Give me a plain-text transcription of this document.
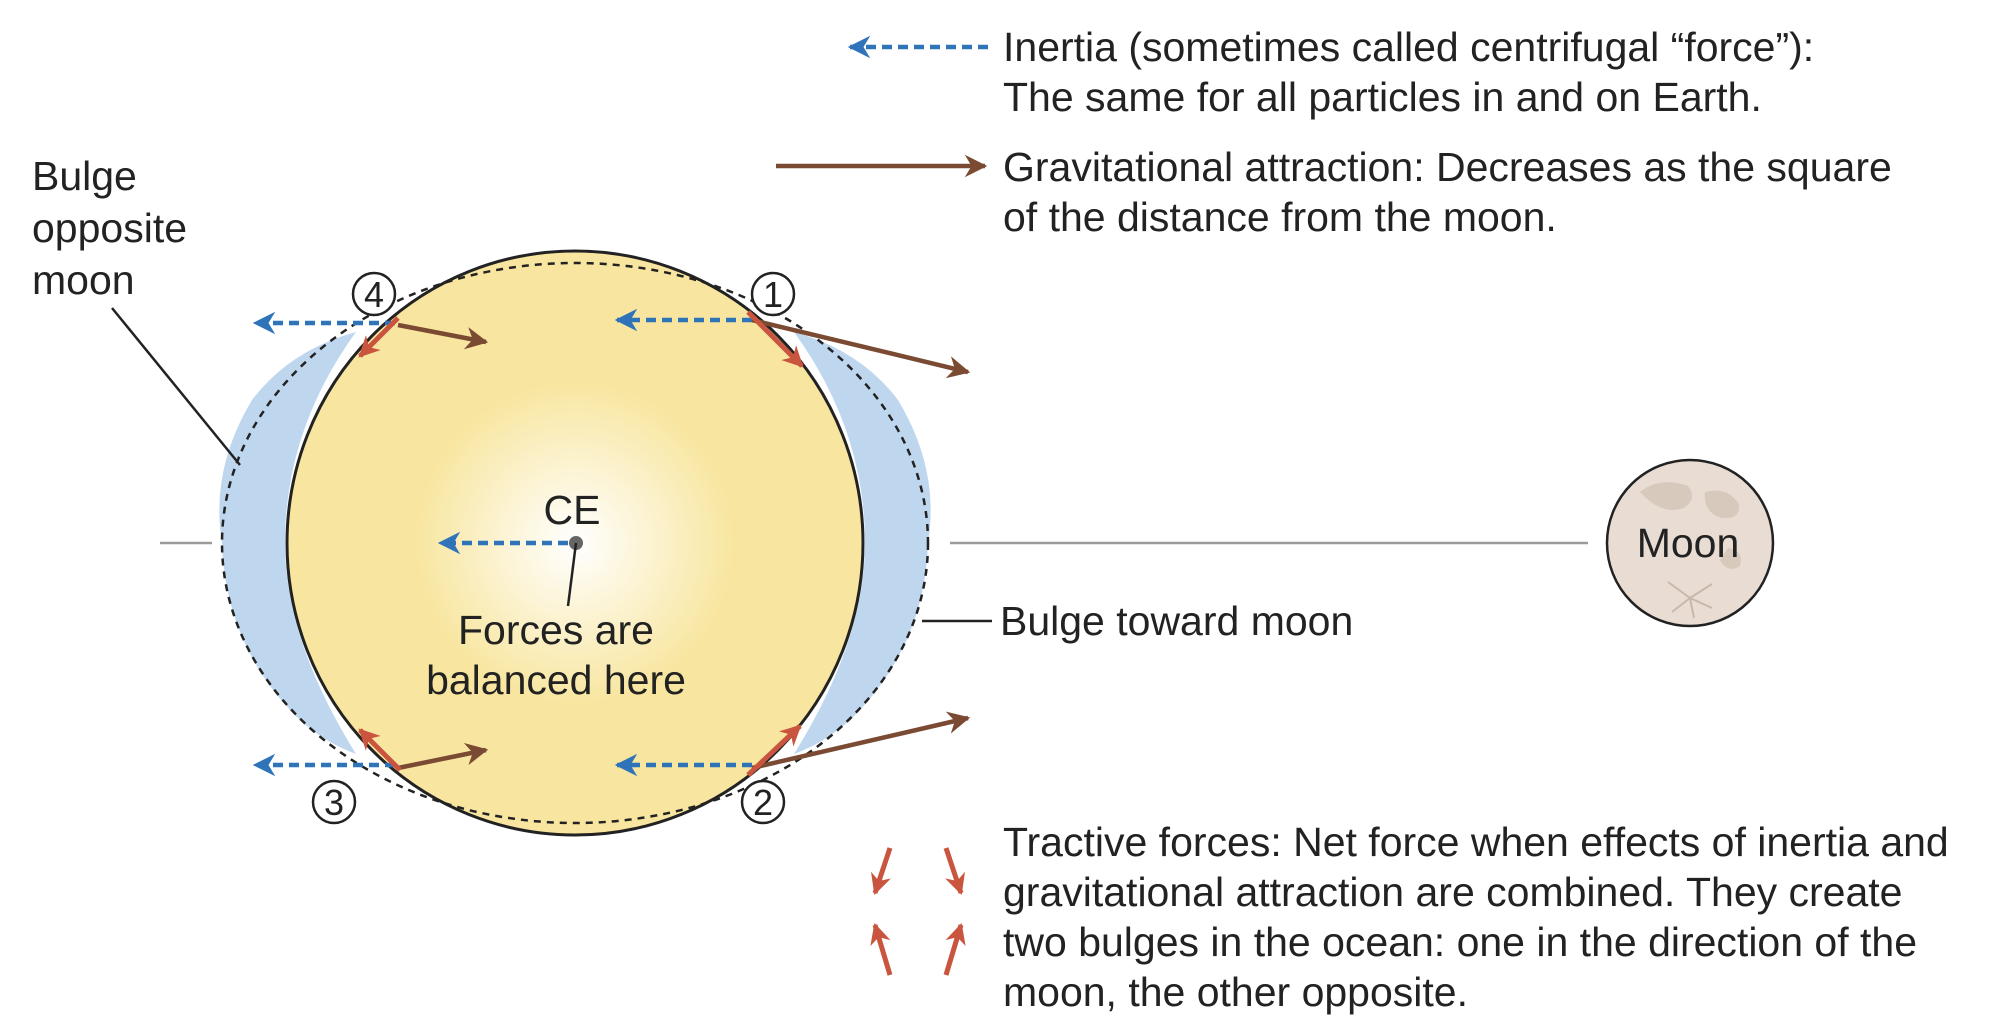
CE
Forces are
balanced here
4	1
3	2
Bulge
opposite
moon
Bulge toward moon
Moon
Inertia (sometimes called centrifugal “force”):
The same for all particles in and on Earth.
Gravitational attraction: Decreases as the square
of the distance from the moon.
Tractive forces: Net force when effects of inertia and
gravitational attraction are combined. They create
two bulges in the ocean: one in the direction of the
moon, the other opposite.
